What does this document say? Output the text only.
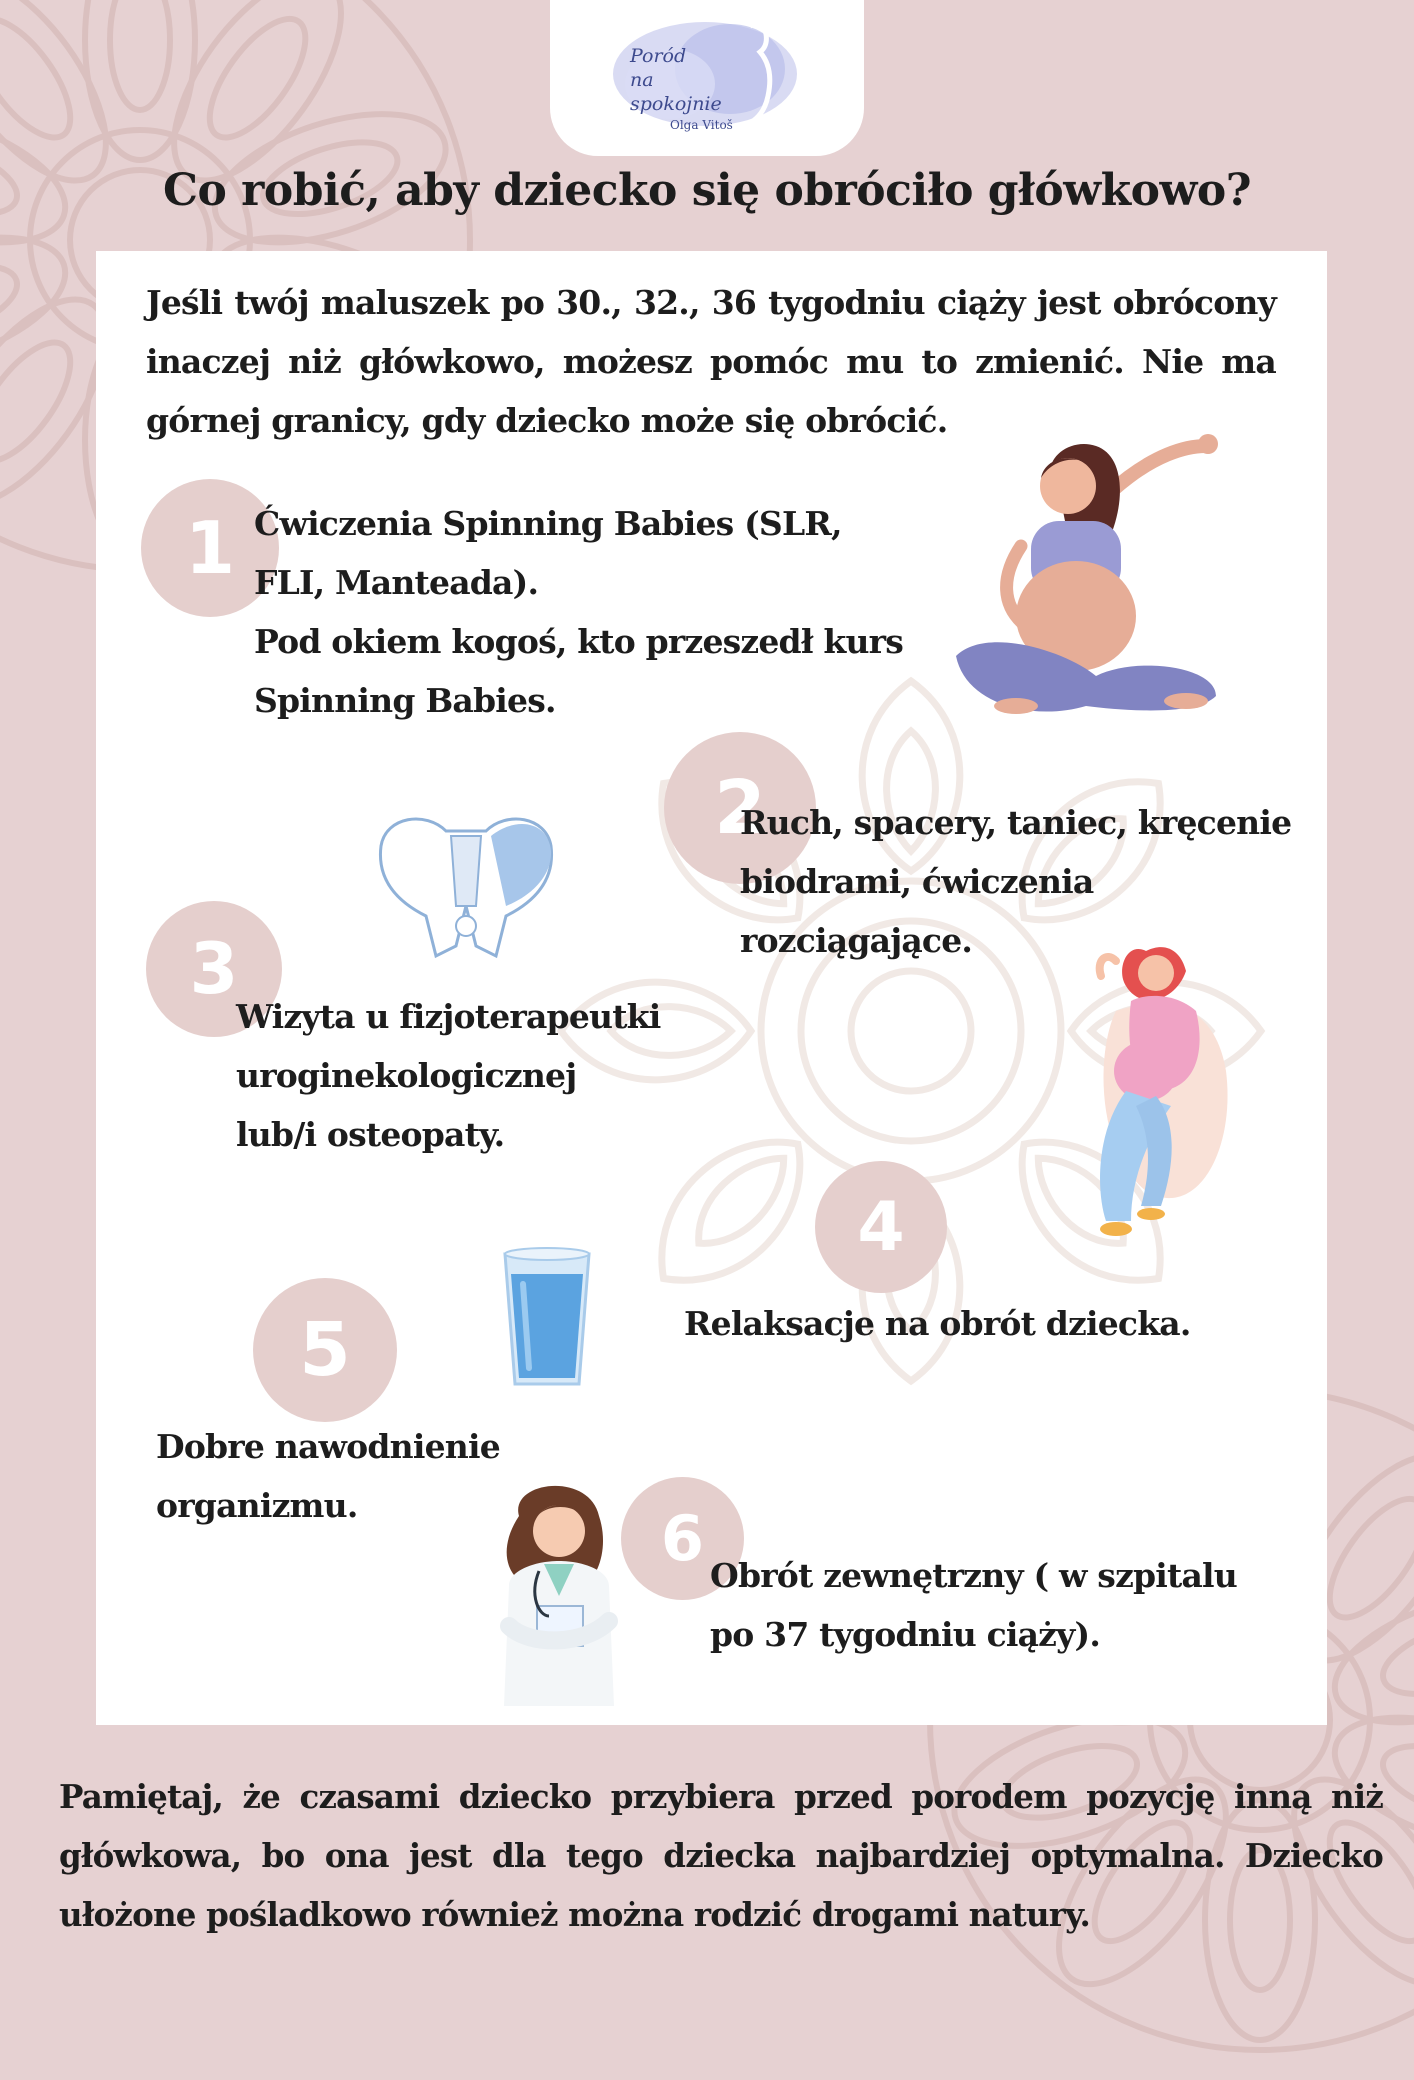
Poród
na
spokojnie
Olga Vitoš
Co robić, aby dziecko się obróciło główkowo?

Jeśli twój maluszek po 30., 32., 36 tygodniu ciąży jest obrócony inaczej niż główkowo, możesz pomóc mu to zmienić. Nie ma górnej granicy, gdy dziecko może się obrócić.

1 Ćwiczenia Spinning Babies (SLR,
FLI, Manteada).
Pod okiem kogoś, kto przeszedł kurs
Spinning Babies.
2
Ruch, spacery, taniec, kręcenie
biodrami, ćwiczenia
rozciągające.
3
Wizyta u fizjoterapeutki
uroginekologicznej
lub/i osteopaty.
4
Relaksacje na obrót dziecka.
5
Dobre nawodnienie
organizmu.	6
Obrót zewnętrzny ( w szpitalu
po 37 tygodniu ciąży).

Pamiętaj, że czasami dziecko przybiera przed porodem pozycję inną niż główkowa, bo ona jest dla tego dziecka najbardziej optymalna. Dziecko ułożone pośladkowo również można rodzić drogami natury.
